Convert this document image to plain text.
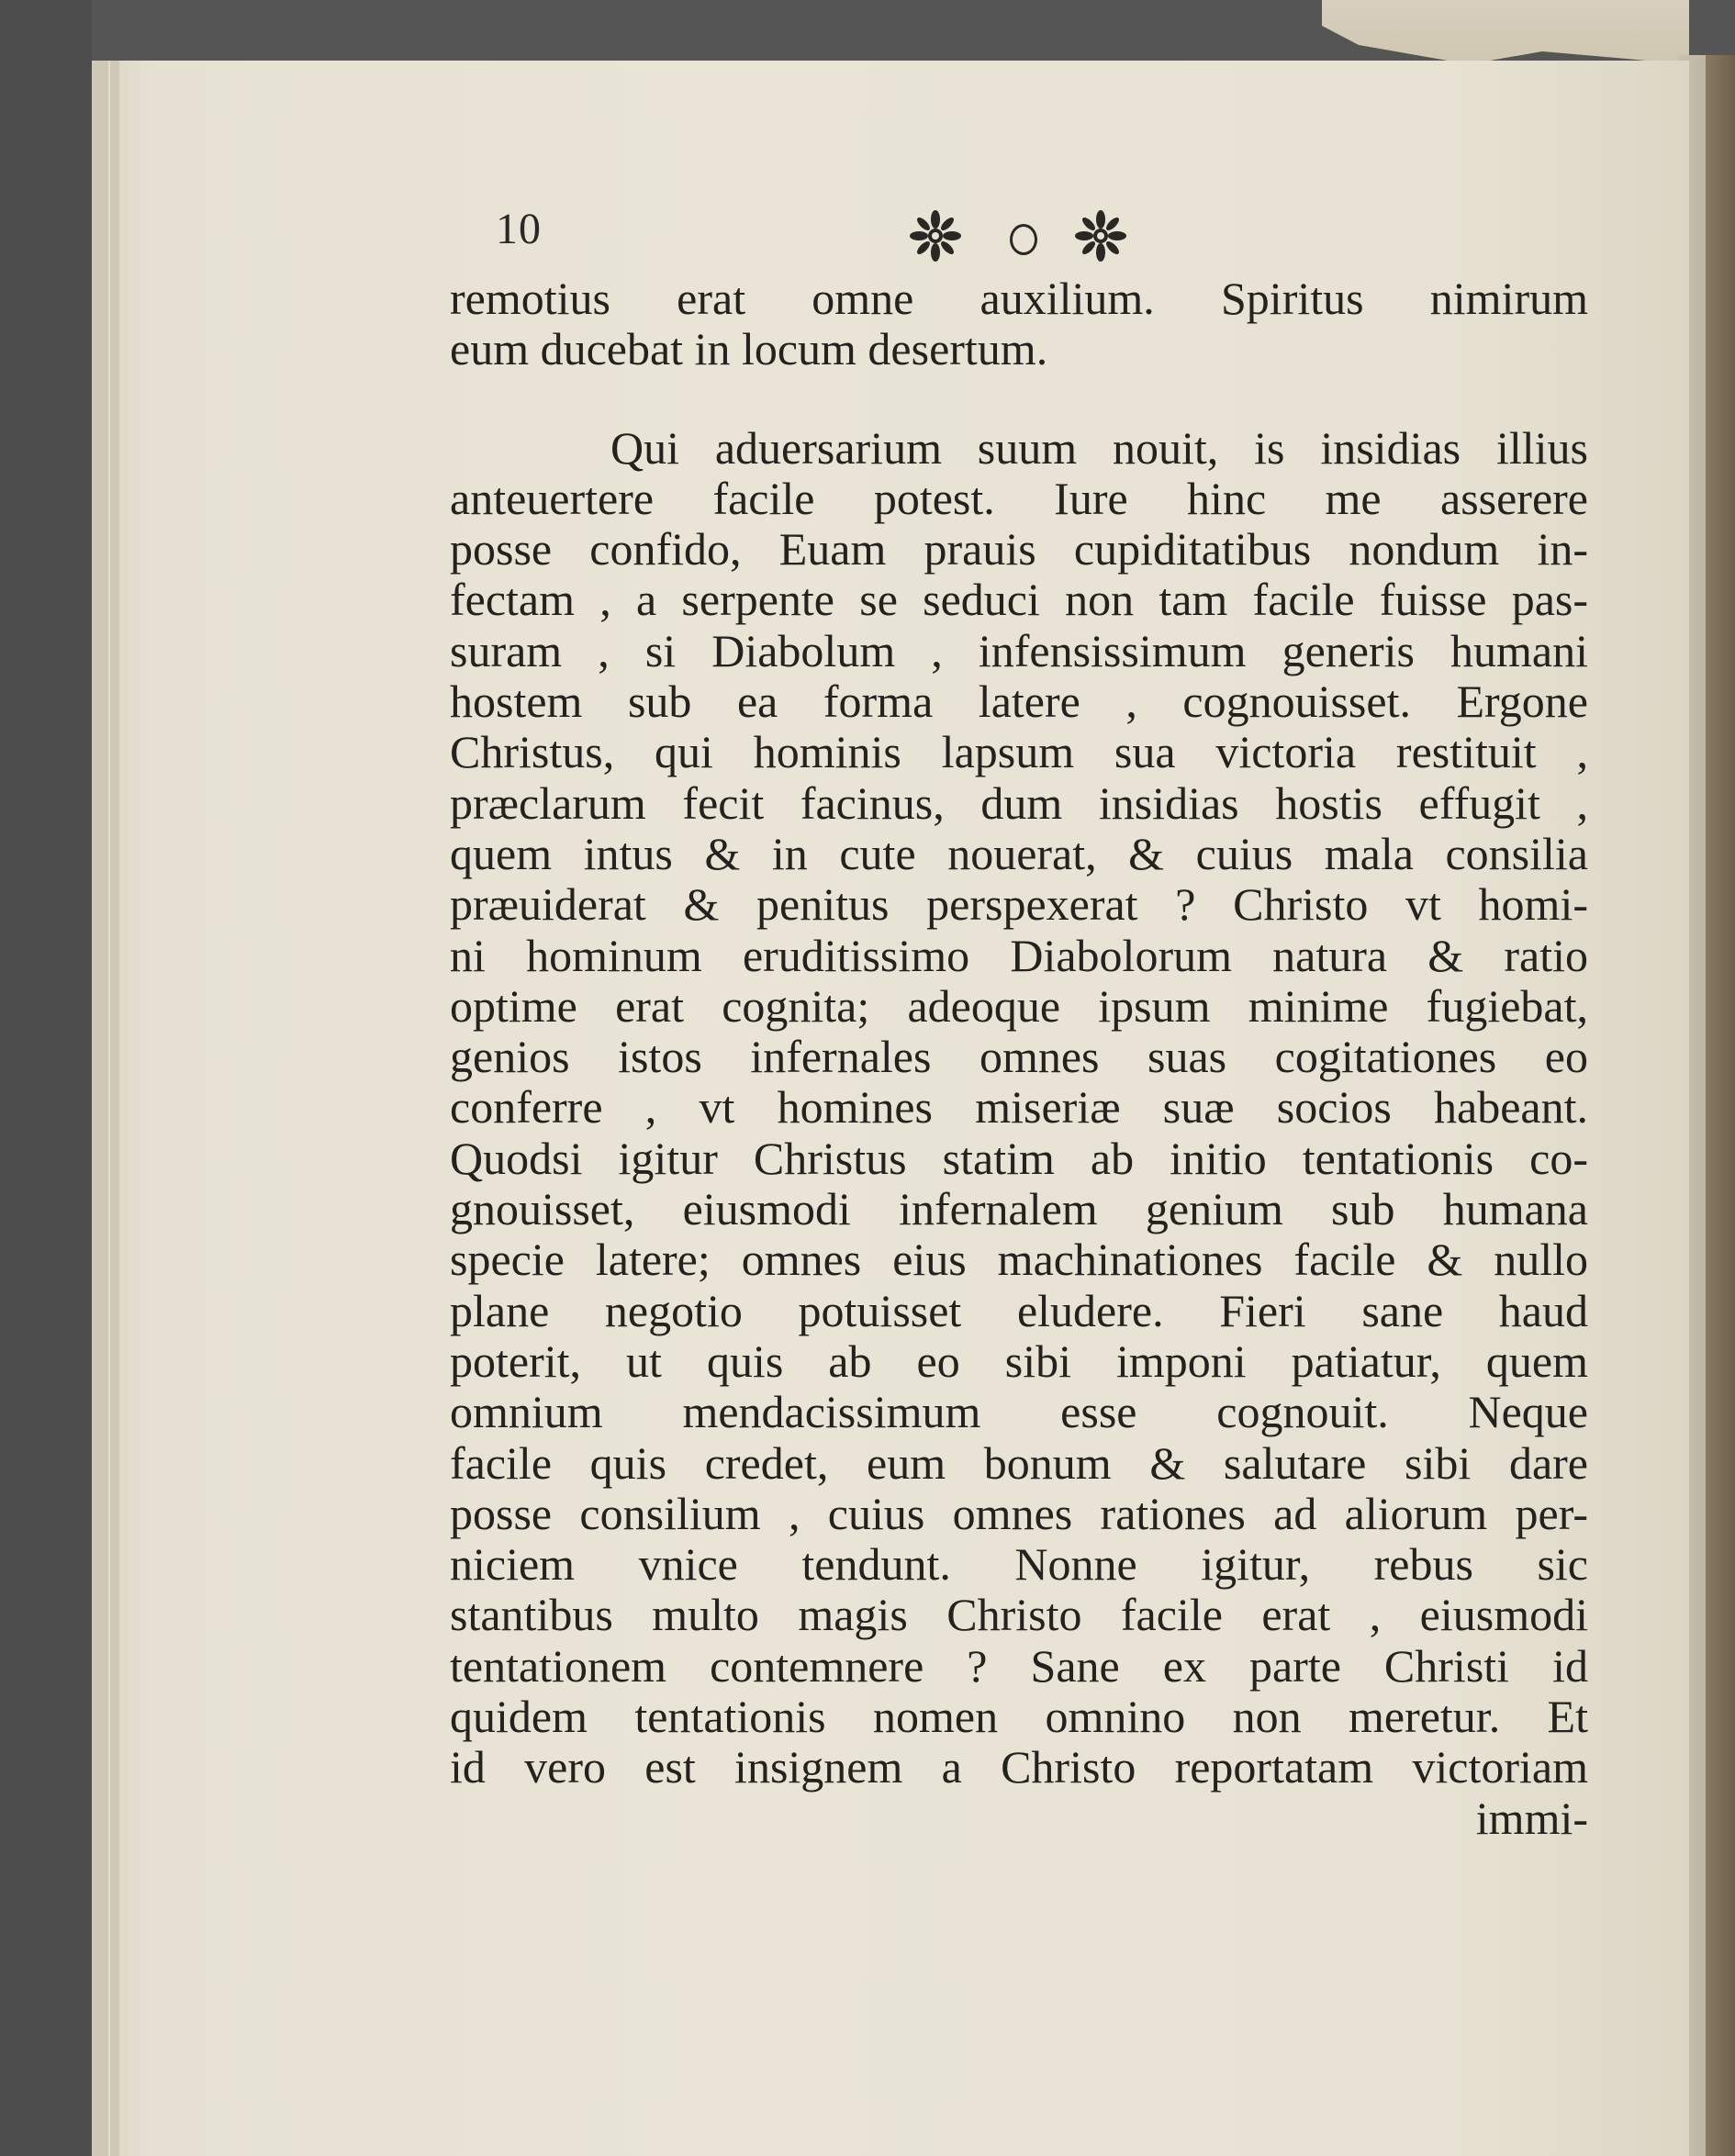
10
remotius erat omne auxilium. Spiritus nimirum
eum ducebat in locum desertum.
Qui aduersarium suum nouit, is insidias illius
anteuertere facile potest. Iure hinc me asserere
posse confido, Euam prauis cupiditatibus nondum in-
fectam , a serpente se seduci non tam facile fuisse pas-
suram , si Diabolum , infensissimum generis humani
hostem sub ea forma latere , cognouisset. Ergone
Christus, qui hominis lapsum sua victoria restituit ,
præclarum fecit facinus, dum insidias hostis effugit ,
quem intus & in cute nouerat, & cuius mala consilia
præuiderat & penitus perspexerat ? Christo vt homi-
ni hominum eruditissimo Diabolorum natura & ratio
optime erat cognita; adeoque ipsum minime fugiebat,
genios istos infernales omnes suas cogitationes eo
conferre , vt homines miseriæ suæ socios habeant.
Quodsi igitur Christus statim ab initio tentationis co-
gnouisset, eiusmodi infernalem genium sub humana
specie latere; omnes eius machinationes facile & nullo
plane negotio potuisset eludere. Fieri sane haud
poterit, ut quis ab eo sibi imponi patiatur, quem
omnium mendacissimum esse cognouit. Neque
facile quis credet, eum bonum & salutare sibi dare
posse consilium , cuius omnes rationes ad aliorum per-
niciem vnice tendunt. Nonne igitur, rebus sic
stantibus multo magis Christo facile erat , eiusmodi
tentationem contemnere ? Sane ex parte Christi id
quidem tentationis nomen omnino non meretur. Et
id vero est insignem a Christo reportatam victoriam
immi-
